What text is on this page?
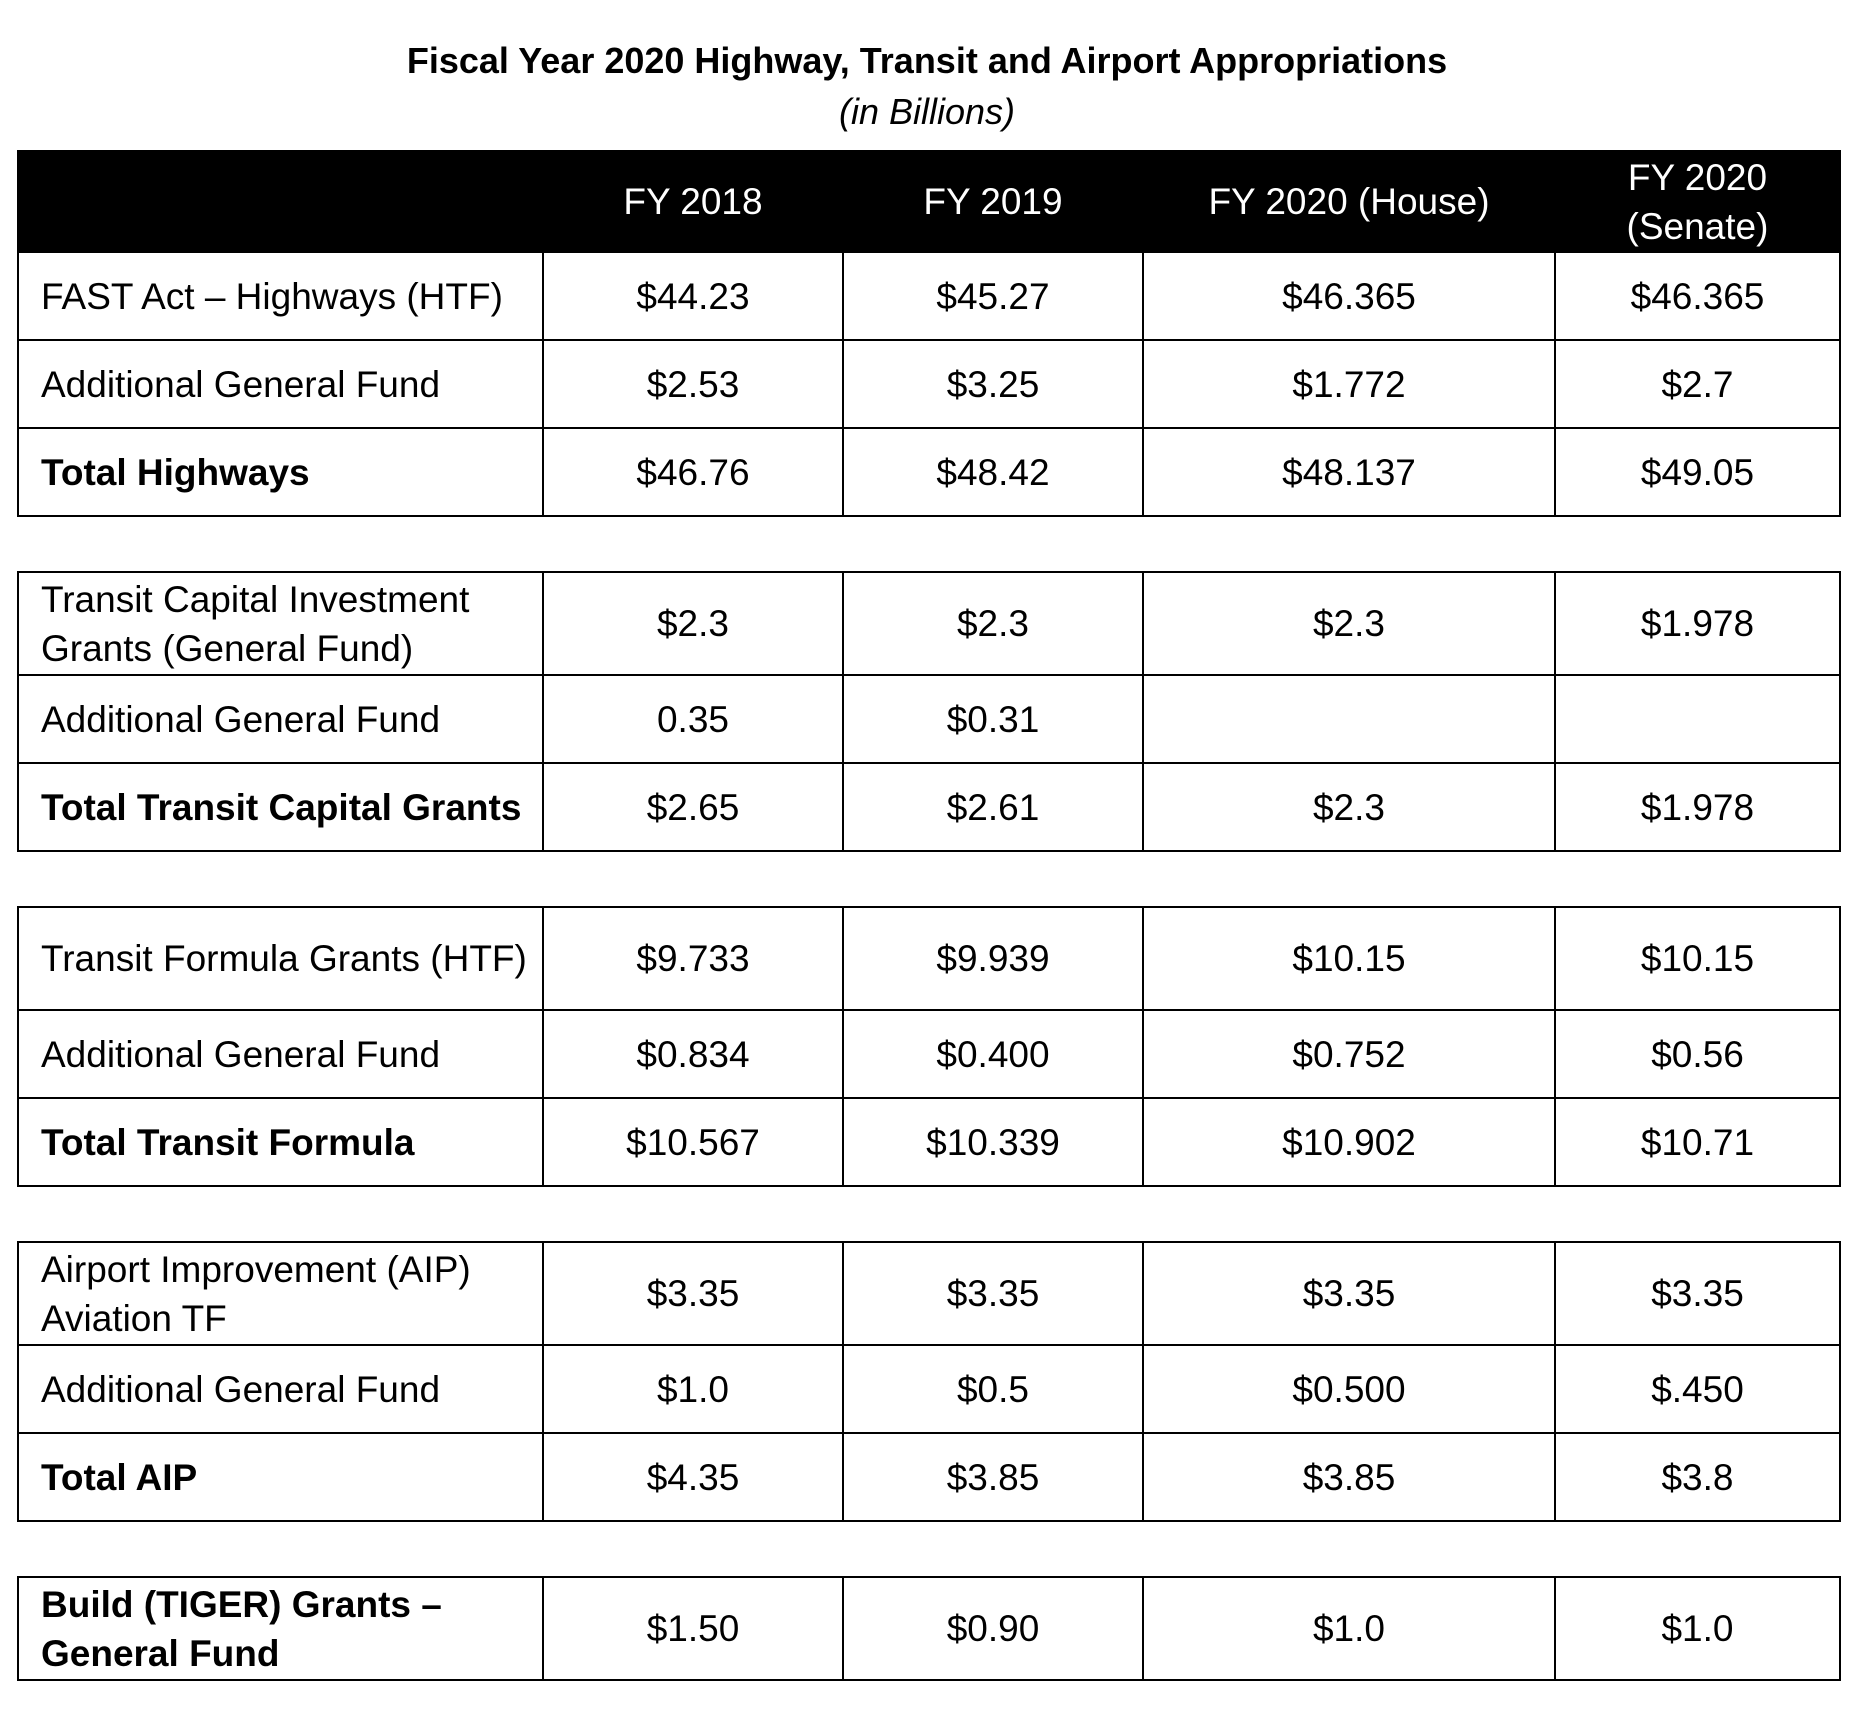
Fiscal Year 2020 Highway, Transit and Airport Appropriations
(in Billions)
	FY 2018	FY 2019	FY 2020 (House)	FY 2020 (Senate)
FAST Act – Highways (HTF)	$44.23	$45.27	$46.365	$46.365
Additional General Fund	$2.53	$3.25	$1.772	$2.7
Total Highways	$46.76	$48.42	$48.137	$49.05
Transit Capital Investment Grants (General Fund)	$2.3	$2.3	$2.3	$1.978
Additional General Fund	0.35	$0.31		
Total Transit Capital Grants	$2.65	$2.61	$2.3	$1.978
Transit Formula Grants (HTF)	$9.733	$9.939	$10.15	$10.15
Additional General Fund	$0.834	$0.400	$0.752	$0.56
Total Transit Formula	$10.567	$10.339	$10.902	$10.71
Airport Improvement (AIP) Aviation TF	$3.35	$3.35	$3.35	$3.35
Additional General Fund	$1.0	$0.5	$0.500	$.450
Total AIP	$4.35	$3.85	$3.85	$3.8
Build (TIGER) Grants – General Fund	$1.50	$0.90	$1.0	$1.0
